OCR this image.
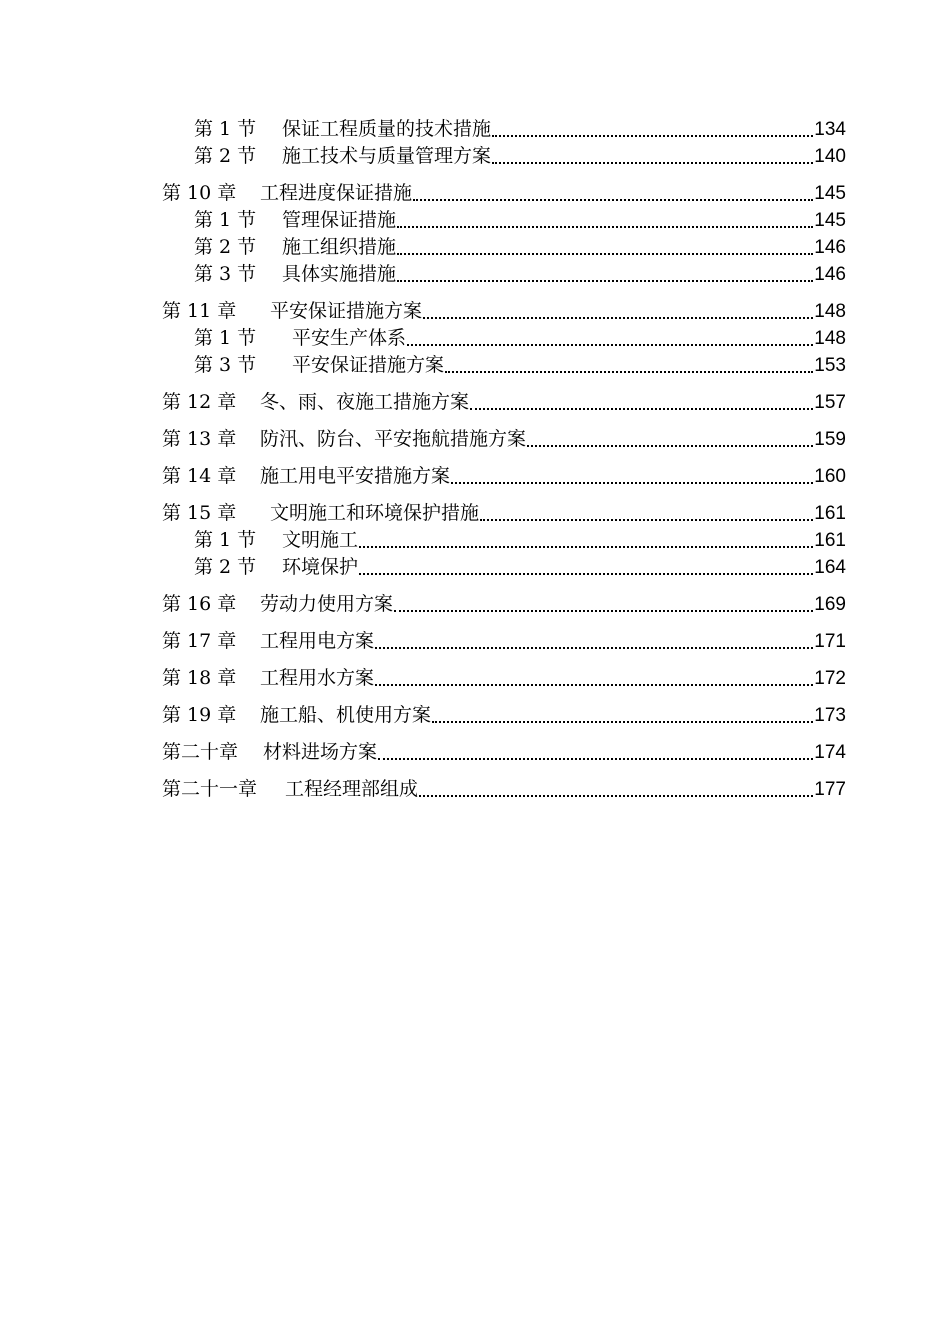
第 1 节	保证工程质量的技术措施	134
第 2 节	施工技术与质量管理方案	140
第 10 章	工程进度保证措施	145
第 1 节	管理保证措施	145
第 2 节	施工组织措施	146
第 3 节	具体实施措施	146
第 11 章	平安保证措施方案	148
第 1 节	平安生产体系	148
第 3 节	平安保证措施方案	153
第 12 章	冬、雨、夜施工措施方案	157
第 13 章	防汛、防台、平安拖航措施方案	159
第 14 章	施工用电平安措施方案	160
第 15 章	文明施工和环境保护措施	161
第 1 节	文明施工	161
第 2 节	环境保护	164
第 16 章	劳动力使用方案	169
第 17 章	工程用电方案	171
第 18 章	工程用水方案	172
第 19 章	施工船、机使用方案	173
第二十章	材料进场方案	174
第二十一章	工程经理部组成	177
